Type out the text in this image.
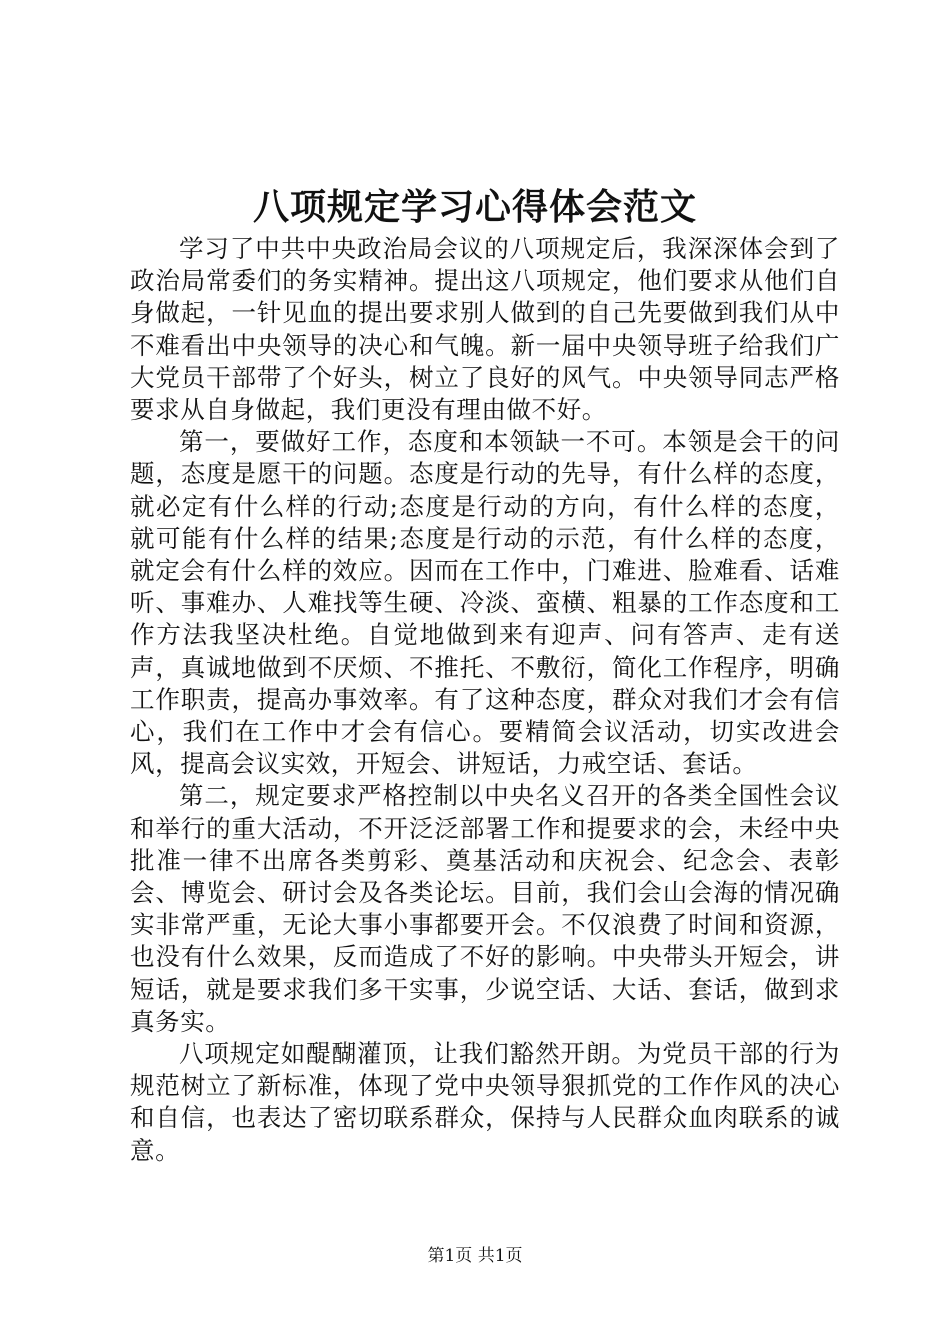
八项规定学习心得体会范文

学习了中共中央政治局会议的八项规定后，我深深体会到了政治局常委们的务实精神。提出这八项规定，他们要求从他们自身做起，一针见血的提出要求别人做到的自己先要做到我们从中不难看出中央领导的决心和气魄。新一届中央领导班子给我们广大党员干部带了个好头，树立了良好的风气。中央领导同志严格要求从自身做起，我们更没有理由做不好。

第一，要做好工作，态度和本领缺一不可。本领是会干的问题，态度是愿干的问题。态度是行动的先导，有什么样的态度，就必定有什么样的行动;态度是行动的方向，有什么样的态度，就可能有什么样的结果;态度是行动的示范，有什么样的态度，就定会有什么样的效应。因而在工作中，门难进、脸难看、话难听、事难办、人难找等生硬、冷淡、蛮横、粗暴的工作态度和工作方法我坚决杜绝。自觉地做到来有迎声、问有答声、走有送声，真诚地做到不厌烦、不推托、不敷衍，简化工作程序，明确工作职责，提高办事效率。有了这种态度，群众对我们才会有信心，我们在工作中才会有信心。要精简会议活动，切实改进会风，提高会议实效，开短会、讲短话，力戒空话、套话。

第二，规定要求严格控制以中央名义召开的各类全国性会议和举行的重大活动，不开泛泛部署工作和提要求的会，未经中央批准一律不出席各类剪彩、奠基活动和庆祝会、纪念会、表彰会、博览会、研讨会及各类论坛。目前，我们会山会海的情况确实非常严重，无论大事小事都要开会。不仅浪费了时间和资源，也没有什么效果，反而造成了不好的影响。中央带头开短会，讲短话，就是要求我们多干实事，少说空话、大话、套话，做到求真务实。

八项规定如醍醐灌顶，让我们豁然开朗。为党员干部的行为规范树立了新标准，体现了党中央领导狠抓党的工作作风的决心和自信，也表达了密切联系群众，保持与人民群众血肉联系的诚意。

第1页 共1页
